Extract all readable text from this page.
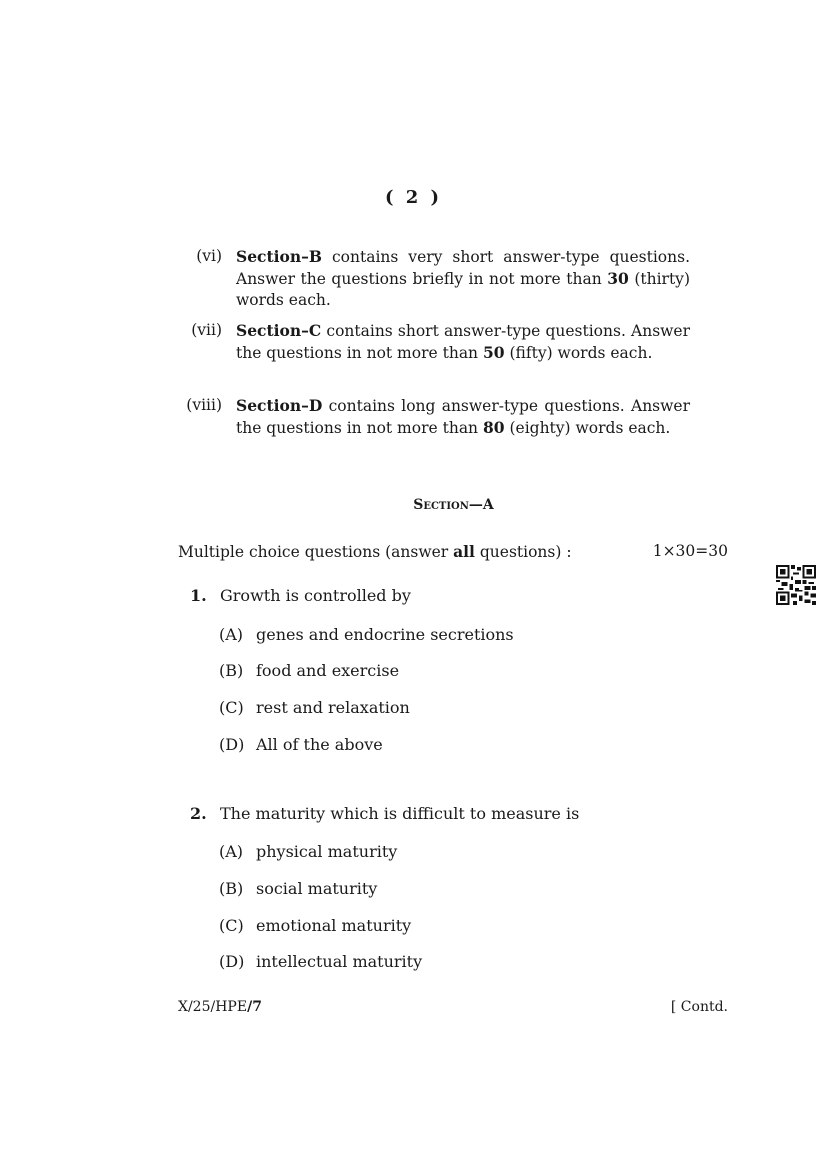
( 2 )
(vi) Section–B contains very short answer-type questions. Answer the questions briefly in not more than 30 (thirty) words each.
(vii) Section–C contains short answer-type questions. Answer the questions in not more than 50 (fifty) words each.
(viii) Section–D contains long answer-type questions. Answer the questions in not more than 80 (eighty) words each.
Section—A
Multiple choice questions (answer all questions) :	1×30=30
1. Growth is controlled by
(A) genes and endocrine secretions
(B) food and exercise
(C) rest and relaxation
(D) All of the above
2. The maturity which is difficult to measure is
(A) physical maturity
(B) social maturity
(C) emotional maturity
(D) intellectual maturity
X/25/HPE/7	[ Contd.
